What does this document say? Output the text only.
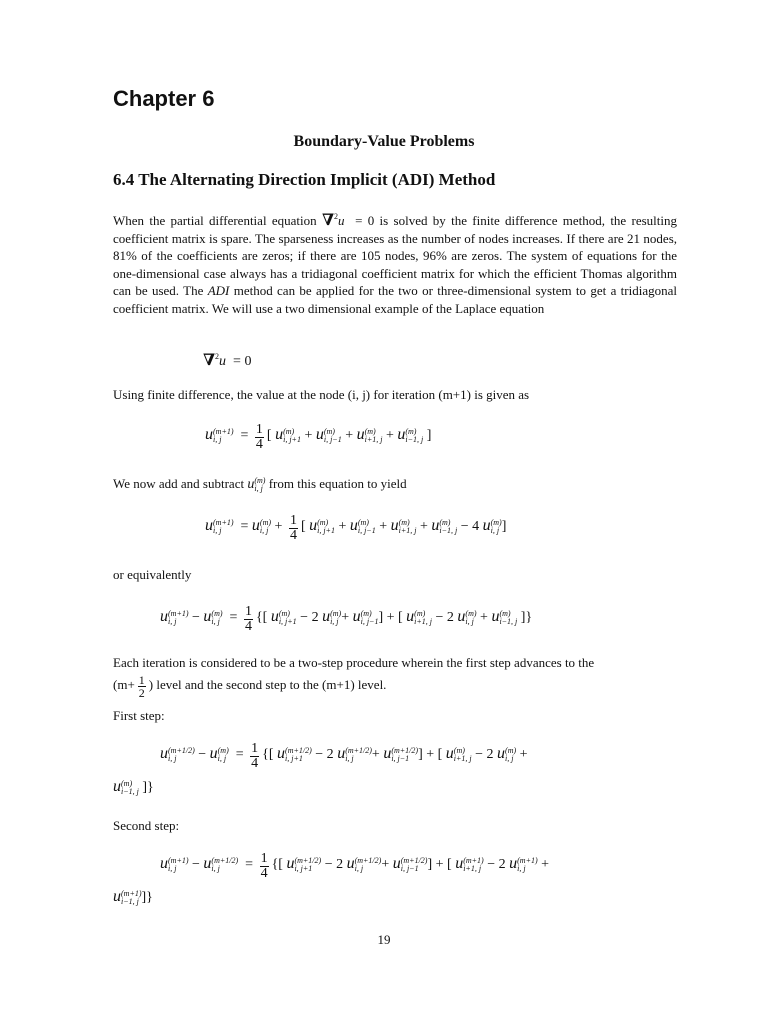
Chapter 6
Boundary-Value Problems
6.4 The Alternating Direction Implicit (ADI) Method
When the partial differential equation ∇$^2$u = 0 is solved by the finite difference method, the resulting coefficient matrix is spare. The sparseness increases as the number of nodes increases. If there are 21 nodes, 81% of the coefficients are zeros; if there are 105 nodes, 96% are zeros. The system of equations for the one-dimensional case always has a tridiagonal coefficient matrix for which the efficient Thomas algorithm can be used. The ADI method can be applied for the two or three-dimensional system to get a tridiagonal coefficient matrix. We will use a two dimensional example of the Laplace equation
∇$^2$u = 0
Using finite difference, the value at the node (i, j) for iteration (m+1) is given as
u (m+1)
i, $j = \frac{1}{4}$ [ u (m)
i, j+1 + u (m)
i, j−1 + u (m)
i+1, j + u (m)
i−1, j ]
We now add and subtract u (m)
i, j from this equation to yield
u (m+1)
i, j = u (m)
i, $j + \frac{1}{4}$ [ u (m)
i, j+1 + u (m)
i, j−1 + u (m)
i+1, j + u (m)
i−1, j − 4 u (m)
i, j ]
or equivalently
u (m+1)
i, j − u (m)
i, $j = \frac{1}{4}$ {[ u (m)
i, j+1 − 2 u (m)
i, j + u (m)
i, j−1 ] + [ u (m)
i+1, j − 2 u (m)
i, j + u (m)
i−1, j ]}
Each iteration is considered to be a two-step procedure wherein the first step advances to the
($m+ \frac{1}{2}$ ) level and the second step to the (m+1) level.
First step:
u (m+1/2)
i, j	− u (m)
i, $j = \frac{1}{4}$ {[ u (m+1/2)
i, j+1 − 2 u (m+1/2)
i, j	+ u (m+1/2)
i, j−1 ] + [ u (m)
i+1, j − 2 u (m)
i, j +
u (m)
i−1, j ]}
Second step:
u (m+1)
i, j − u (m+1/2)
i, j	= $\frac{1}{4}$ {[ u (m+1/2)
i, j+1 − 2 u (m+1/2)
i, j	+ u (m+1/2)
i, j−1 ] + [ u (m+1)
i+1, j − 2 u (m+1)
i, j +
u (m+1)
i−1, j ]}
19
